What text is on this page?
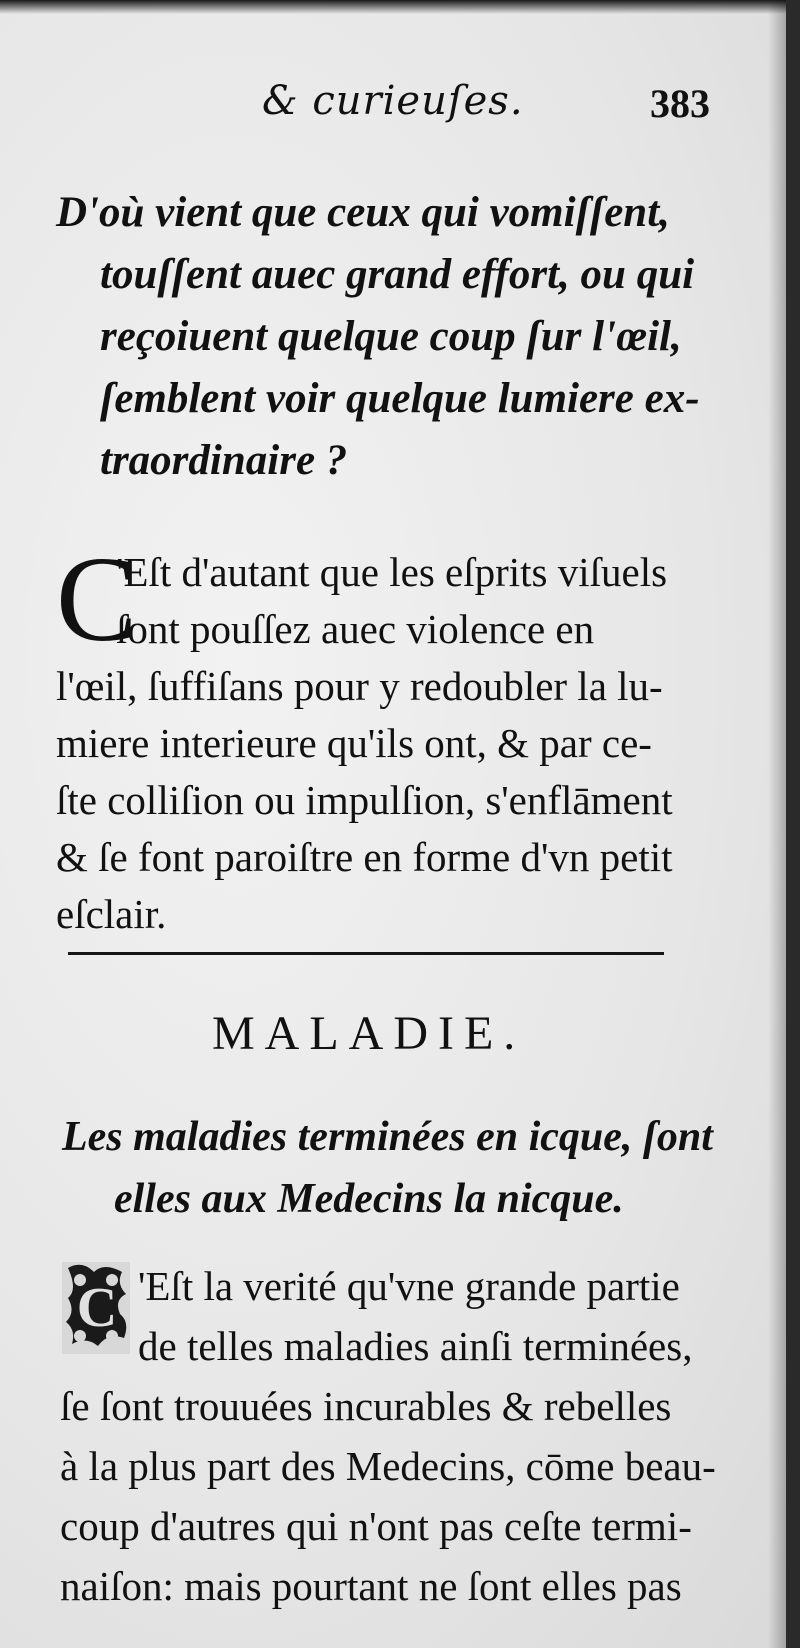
& curieuſes.	383
D'où vient que ceux qui vomiſſent,
touſſent auec grand effort, ou qui
reçoiuent quelque coup ſur l'œil,
ſemblent voir quelque lumiere ex-
traordinaire ?
C
'Eſt d'autant que les eſprits viſuels
ſont pouſſez auec violence en
l'œil, ſuffiſans pour y redoubler la lu-
miere interieure qu'ils ont, & par ce-
ſte colliſion ou impulſion, s'enflāment
& ſe font paroiſtre en forme d'vn petit
eſclair.
MALADIE.
Les maladies terminées en icque, ſont
elles aux Medecins la nicque.
C 'Eſt la verité qu'vne grande partie
de telles maladies ainſi terminées,
ſe ſont trouuées incurables & rebelles
à la plus part des Medecins, cōme beau-
coup d'autres qui n'ont pas ceſte termi-
naiſon: mais pourtant ne ſont elles pas
